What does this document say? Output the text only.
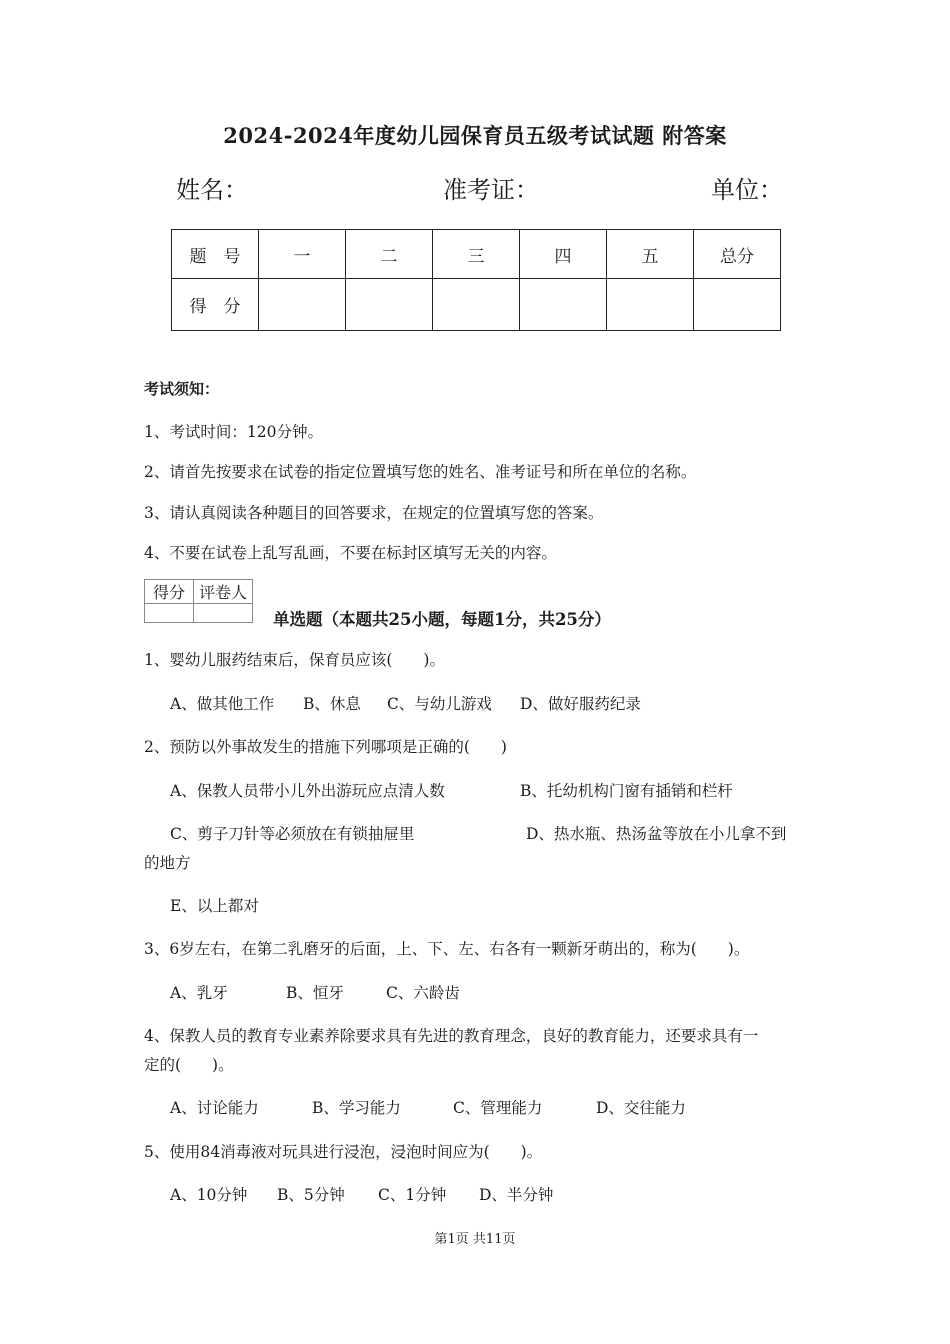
2024-2024年度幼儿园保育员五级考试试题 附答案
姓名：	准考证：	单位：
题　号	一	二	三	四	五	总分
得　分						
考试须知：
1、考试时间：120分钟。
2、请首先按要求在试卷的指定位置填写您的姓名、准考证号和所在单位的名称。
3、请认真阅读各种题目的回答要求，在规定的位置填写您的答案。
4、不要在试卷上乱写乱画，不要在标封区填写无关的内容。
得分	评卷人

单选题（本题共25小题，每题1分，共25分）
1、婴幼儿服药结束后，保育员应该(　　)。
A、做其他工作 B、休息 C、与幼儿游戏 D、做好服药纪录
2、预防以外事故发生的措施下列哪项是正确的(　　)
A、保教人员带小儿外出游玩应点清人数	B、托幼机构门窗有插销和栏杆
C、剪子刀针等必须放在有锁抽屉里	D、热水瓶、热汤盆等放在小儿拿不到
的地方
E、以上都对
3、6岁左右，在第二乳磨牙的后面，上、下、左、右各有一颗新牙萌出的，称为(　　)。
A、乳牙	B、恒牙	C、六龄齿
4、保教人员的教育专业素养除要求具有先进的教育理念，良好的教育能力，还要求具有一
定的(　　)。
A、讨论能力	B、学习能力	C、管理能力	D、交往能力
5、使用84消毒液对玩具进行浸泡，浸泡时间应为(　　)。
A、10分钟 B、5分钟 C、1分钟 D、半分钟
第1页 共11页
